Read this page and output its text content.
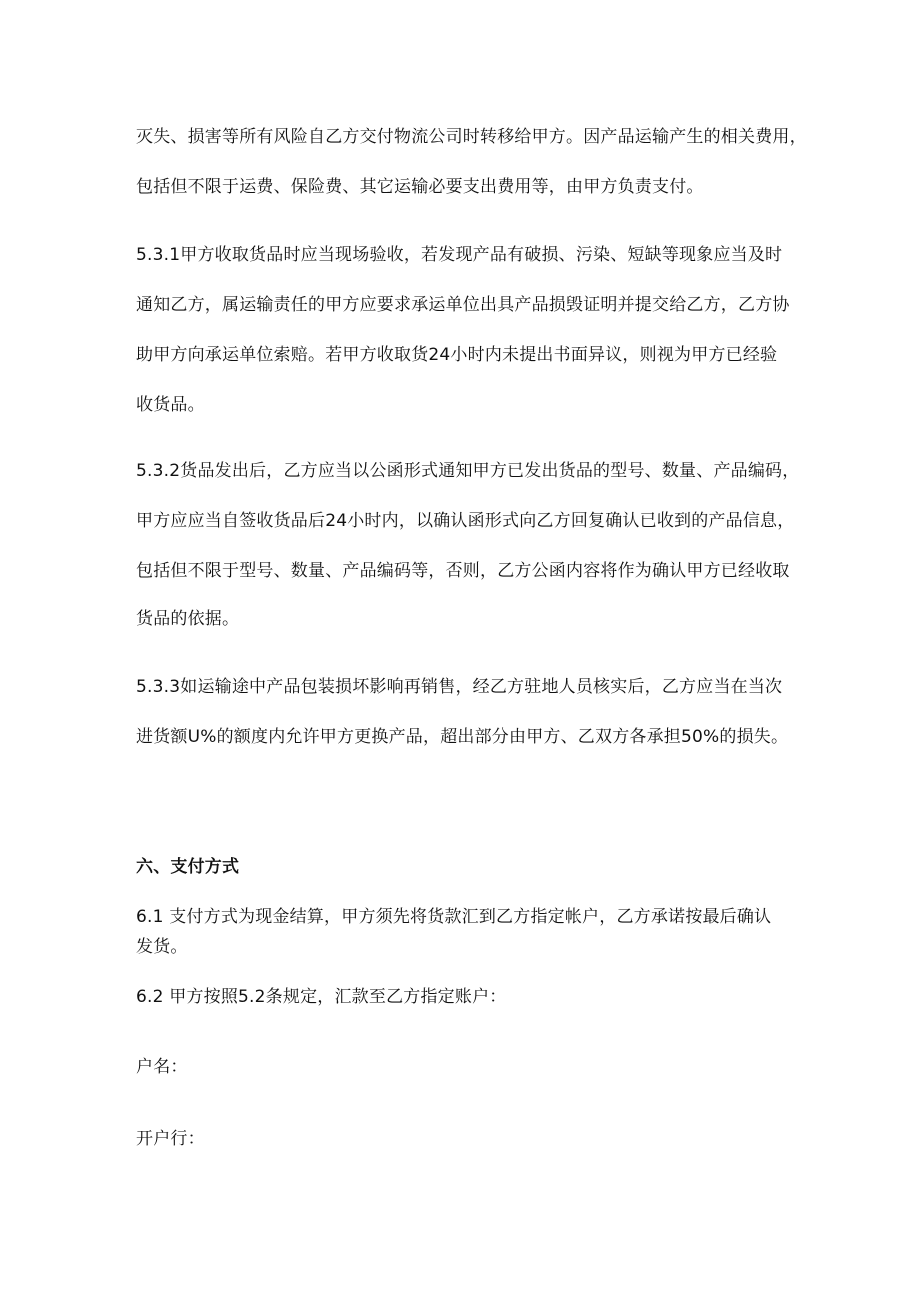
灭失、损害等所有风险自乙方交付物流公司时转移给甲方。因产品运输产生的相关费用，
包括但不限于运费、保险费、其它运输必要支出费用等，由甲方负责支付。
5.3.1甲方收取货品时应当现场验收，若发现产品有破损、污染、短缺等现象应当及时
通知乙方，属运输责任的甲方应要求承运单位出具产品损毁证明并提交给乙方，乙方协
助甲方向承运单位索赔。若甲方收取货24小时内未提出书面异议，则视为甲方已经验
收货品。
5.3.2货品发出后，乙方应当以公函形式通知甲方已发出货品的型号、数量、产品编码，
甲方应应当自签收货品后24小时内，以确认函形式向乙方回复确认已收到的产品信息，
包括但不限于型号、数量、产品编码等，否则，乙方公函内容将作为确认甲方已经收取
货品的依据。
5.3.3如运输途中产品包装损坏影响再销售，经乙方驻地人员核实后，乙方应当在当次
进货额U%的额度内允许甲方更换产品，超出部分由甲方、乙双方各承担50%的损失。
六、支付方式
6.1 支付方式为现金结算，甲方须先将货款汇到乙方指定帐户，乙方承诺按最后确认
发货。
6.2 甲方按照5.2条规定，汇款至乙方指定账户：
户名：
开户行：
